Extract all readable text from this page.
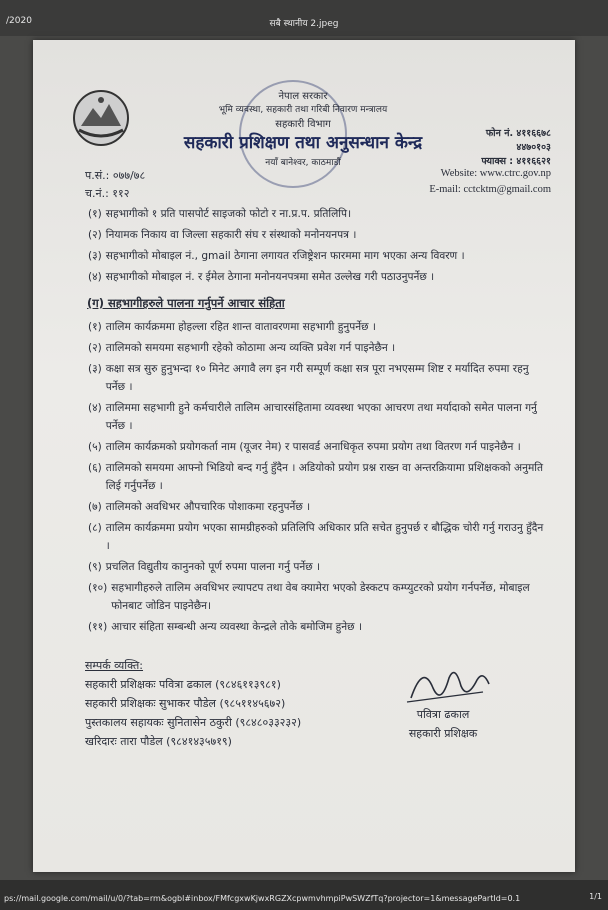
/2020	सबै स्थानीय 2.jpeg
नेपाल सरकार
भूमि व्यवस्था, सहकारी तथा गरिबी निवारण मन्त्रालय
सहकारी विभाग
सहकारी प्रशिक्षण तथा अनुसन्धान केन्द्र
नयाँ बानेश्वर, काठमाडौं
फोन नं. ४११६६७८
४४७०१०३
फ्याक्स : ४११६६२१
Website: www.ctrc.gov.np
E-mail: cctcktm@gmail.com
प.सं.: ०७७/७८
च.नं.: ११२
(१) सहभागीको १ प्रति पासपोर्ट साइजको फोटो र ना.प्र.प. प्रतिलिपि।
(२) नियामक निकाय वा जिल्ला सहकारी संघ र संस्थाको मनोनयनपत्र ।
(३) सहभागीको मोबाइल नं., gmail ठेगाना लगायत रजिष्ट्रेशन फारममा माग भएका अन्य विवरण ।
(४) सहभागीको मोबाइल नं. र ईमेल ठेगाना मनोनयनपत्रमा समेत उल्लेख गरी पठाउनुपर्नेछ ।
(ग) सहभागीहरुले पालना गर्नुपर्ने आचार संहिता
(१) तालिम कार्यक्रममा होहल्ला रहित शान्त वातावरणमा सहभागी हुनुपर्नेछ ।
(२) तालिमको समयमा सहभागी रहेको कोठामा अन्य व्यक्ति प्रवेश गर्न पाइनेछैन ।
(३) कक्षा सत्र सुरु हुनुभन्दा १० मिनेट अगावै लग इन गरी सम्पूर्ण कक्षा सत्र पूरा नभएसम्म शिष्ट र मर्यादित रुपमा रहनु पर्नेछ ।
(४) तालिममा सहभागी हुने कर्मचारीले तालिम आचारसंहितामा व्यवस्था भएका आचरण तथा मर्यादाको समेत पालना गर्नु पर्नेछ ।
(५) तालिम कार्यक्रमको प्रयोगकर्ता नाम (यूजर नेम) र पासवर्ड अनाधिकृत रुपमा प्रयोग तथा वितरण गर्न पाइनेछैन ।
(६) तालिमको समयमा आफ्नो भिडियो बन्द गर्नु हुँदैन । अडियोको प्रयोग प्रश्न राख्न वा अन्तरक्रियामा प्रशिक्षकको अनुमति लिई गर्नुपर्नेछ ।
(७) तालिमको अवधिभर औपचारिक पोशाकमा रहनुपर्नेछ ।
(८) तालिम कार्यक्रममा प्रयोग भएका सामग्रीहरुको प्रतिलिपि अधिकार प्रति सचेत हुनुपर्छ र बौद्धिक चोरी गर्नु गराउनु हुँदैन ।
(९) प्रचलित विद्युतीय कानुनको पूर्ण रुपमा पालना गर्नु पर्नेछ ।
(१०) सहभागीहरुले तालिम अवधिभर ल्यापटप तथा वेब क्यामेरा भएको डेस्कटप कम्प्युटरको प्रयोग गर्नपर्नेछ, मोबाइल फोनबाट जोडिन पाइनेछैन।
(११) आचार संहिता सम्बन्धी अन्य व्यवस्था केन्द्रले तोके बमोजिम हुनेछ ।
सम्पर्क व्यक्ति:
सहकारी प्रशिक्षकः पवित्रा ढकाल (९८४६११३९८१)
सहकारी प्रशिक्षकः सुभाकर पौडेल (९८५११४५६७२)
पुस्तकालय सहायकः सुनितासेन ठकुरी (९८४८०३३२३२)
खरिदारः तारा पौडेल (९८४१४३५७१९)
पवित्रा ढकाल
सहकारी प्रशिक्षक
ps://mail.google.com/mail/u/0/?tab=rm&ogbl#inbox/FMfcgxwKjwxRGZXcpwmvhmpiPwSWZfTq?projector=1&messagePartId=0.1	1/1
